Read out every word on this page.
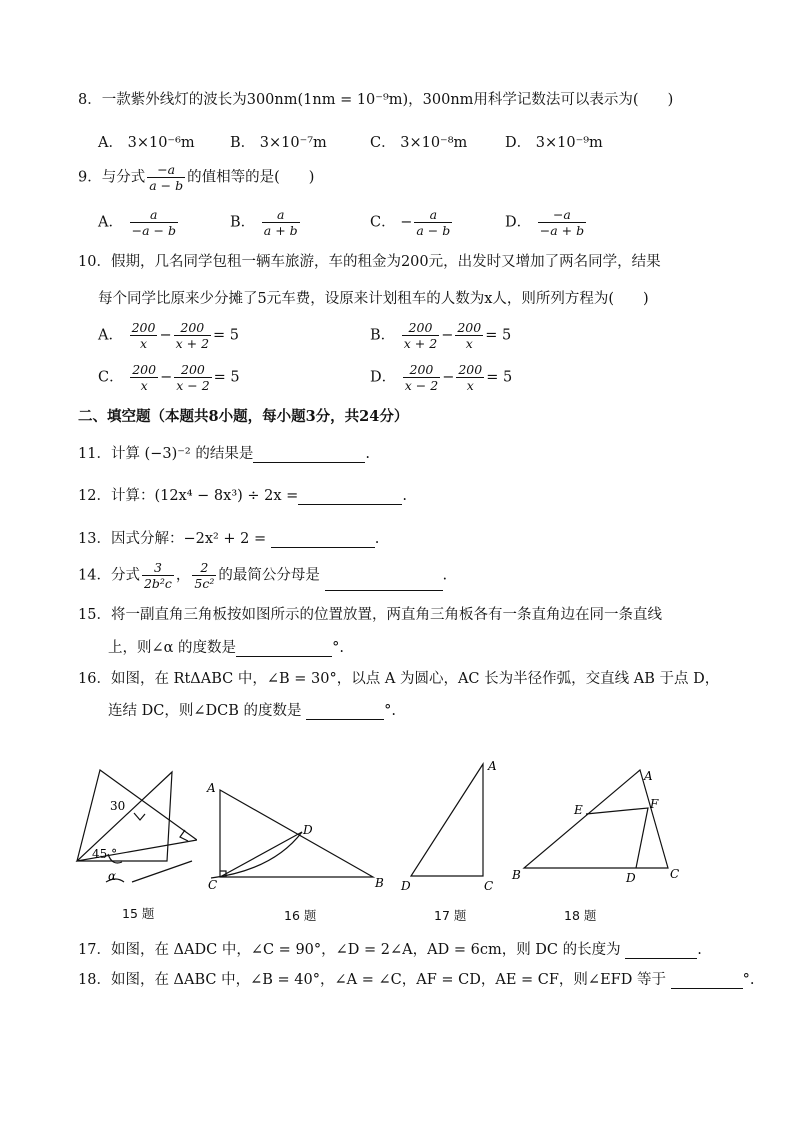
8．一款紫外线灯的波长为300nm(1nm = 10⁻⁹m)，300nm用科学记数法可以表示为(　　)
A． 3×10⁻⁶m B． 3×10⁻⁷m	C． 3×10⁻⁸m	D． 3×10⁻⁹m
9．与分式 $\frac{-a}{a - b}$ 的值相等的是(　　)
A． $\frac{a}{-a - b}$	B． $\frac{a}{a + b}$	C． − $\frac{a}{a - b}$	D． $\frac{-a}{-a + b}$
10．假期，几名同学包租一辆车旅游，车的租金为200元，出发时又增加了两名同学，结果
每个同学比原来少分摊了5元车费，设原来计划租车的人数为x人，则所列方程为(　　)
A． $\frac{200}{x} - \frac{200}{x + 2} = 5$	B． $\frac{200}{x + 2} - \frac{200}{x} = 5$
C． $\frac{200}{x} - \frac{200}{x - 2} = 5$	D． $\frac{200}{x - 2} - \frac{200}{x} = 5$
二、填空题（本题共8小题，每小题3分，共24分）
11．计算 (−3)⁻² 的结果是	.
12．计算：(12x⁴ − 8x³) ÷ 2x =	.
13．因式分解：−2x² + 2 =	.
14．分式 $\frac{3}{\text{2b²c}}$ ， $\frac{2}{\text{5c²}}$ 的最简公分母是	.
15．将一副直角三角板按如图所示的位置放置，两直角三角板各有一条直角边在同一条直线
上，则∠α 的度数是	°.
16．如图，在 RtΔABC 中，∠B = 30°，以点 A 为圆心，AC 长为半径作弧，交直线 AB 于点 D，
连结 DC，则∠DCB 的度数是	°.
30
45 °
α
15 题
A
B
C
D
16 题
A
D	C
17 题
A
B	C
D
E	F
18 题
17．如图，在 ΔADC 中，∠C = 90°，∠D = 2∠A，AD = 6cm，则 DC 的长度为	.
18．如图，在 ΔABC 中，∠B = 40°，∠A = ∠C，AF = CD，AE = CF，则∠EFD 等于	°.
